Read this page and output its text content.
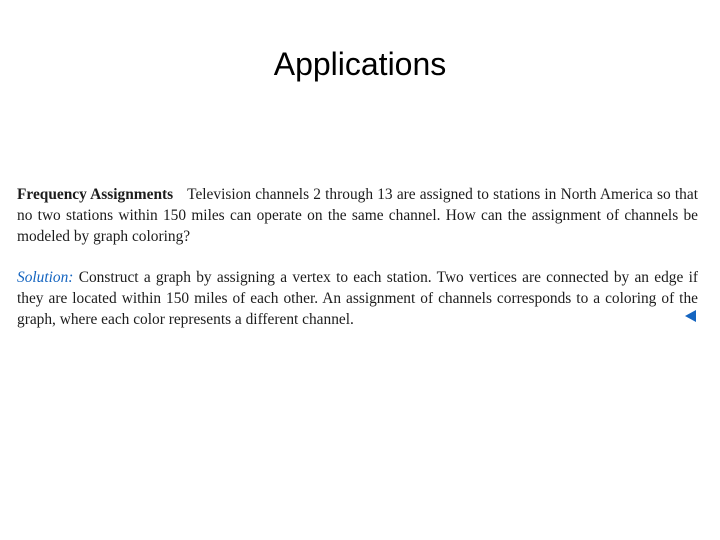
Applications

Frequency Assignments Television channels 2 through 13 are assigned to stations in North America so that no two stations within 150 miles can operate on the same channel. How can the assignment of channels be modeled by graph coloring?

Solution: Construct a graph by assigning a vertex to each station. Two vertices are connected by an edge if they are located within 150 miles of each other. An assignment of channels corresponds to a coloring of the graph, where each color represents a different channel.
